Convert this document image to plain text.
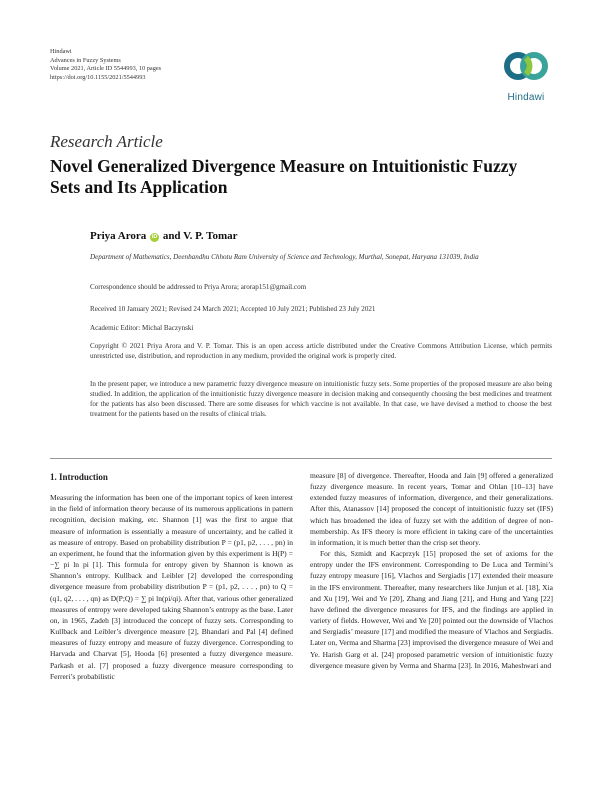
Hindawi
Advances in Fuzzy Systems
Volume 2021, Article ID 5544993, 10 pages
https://doi.org/10.1155/2021/5544993
Hindawi
Research Article
Novel Generalized Divergence Measure on Intuitionistic Fuzzy Sets and Its Application
Priya Arora iD and V. P. Tomar
Department of Mathematics, Deenbandhu Chhotu Ram University of Science and Technology, Murthal, Sonepat, Haryana 131039, India
Correspondence should be addressed to Priya Arora; arorap151@gmail.com
Received 10 January 2021; Revised 24 March 2021; Accepted 10 July 2021; Published 23 July 2021
Academic Editor: Michal Baczynski
Copyright © 2021 Priya Arora and V. P. Tomar. This is an open access article distributed under the Creative Commons Attribution License, which permits unrestricted use, distribution, and reproduction in any medium, provided the original work is properly cited.
In the present paper, we introduce a new parametric fuzzy divergence measure on intuitionistic fuzzy sets. Some properties of the proposed measure are also being studied. In addition, the application of the intuitionistic fuzzy divergence measure in decision making and consequently choosing the best medicines and treatment for the patients has also been discussed. There are some diseases for which vaccine is not available. In that case, we have devised a method to choose the best treatment for the patients based on the results of clinical trials.
1. Introduction

Measuring the information has been one of the important topics of keen interest in the field of information theory because of its numerous applications in pattern recognition, decision making, etc. Shannon [1] was the first to argue that measure of information is essentially a measure of uncertainty, and he called it as measure of entropy. Based on probability distribution P = (p1, p2, . . . , pn) in an experiment, he found that the information given by this experiment is H(P) = −∑ pi ln pi [1]. This formula for entropy given by Shannon is known as Shannon’s entropy. Kullback and Leibler [2] developed the corresponding divergence measure from probability distribution P = (p1, p2, . . . , pn) to Q = (q1, q2, . . . , qn) as D(P;Q) = ∑ pi ln(pi/qi). After that, various other generalized measures of entropy were developed taking Shannon’s entropy as the base. Later on, in 1965, Zadeh [3] introduced the concept of fuzzy sets. Corresponding to Kullback and Leibler’s divergence measure [2], Bhandari and Pal [4] defined measures of fuzzy entropy and measure of fuzzy divergence. Corresponding to Harvada and Charvat [5], Hooda [6] presented a fuzzy divergence measure. Parkash et al. [7] proposed a fuzzy divergence measure corresponding to Ferreri’s probabilistic

measure [8] of divergence. Thereafter, Hooda and Jain [9] offered a generalized fuzzy divergence measure. In recent years, Tomar and Ohlan [10–13] have extended fuzzy measures of information, divergence, and their generalizations. After this, Atanassov [14] proposed the concept of intuitionistic fuzzy set (IFS) which has broadened the idea of fuzzy set with the addition of degree of non-membership. As IFS theory is more efficient in taking care of the uncertainties in information, it is much better than the crisp set theory.

For this, Szmidt and Kacprzyk [15] proposed the set of axioms for the entropy under the IFS environment. Corresponding to De Luca and Termini’s fuzzy entropy measure [16], Vlachos and Sergiadis [17] extended their measure in the IFS environment. Thereafter, many researchers like Junjun et al. [18], Xia and Xu [19], Wei and Ye [20], Zhang and Jiang [21], and Hung and Yang [22] have defined the divergence measures for IFS, and the findings are applied in variety of fields. However, Wei and Ye [20] pointed out the downside of Vlachos and Sergiadis’ measure [17] and modified the measure of Vlachos and Sergiadis. Later on, Verma and Sharma [23] improvised the divergence measure of Wei and Ye. Harish Garg et al. [24] proposed parametric version of intuitionistic fuzzy divergence measure given by Verma and Sharma [23]. In 2016, Maheshwari and
